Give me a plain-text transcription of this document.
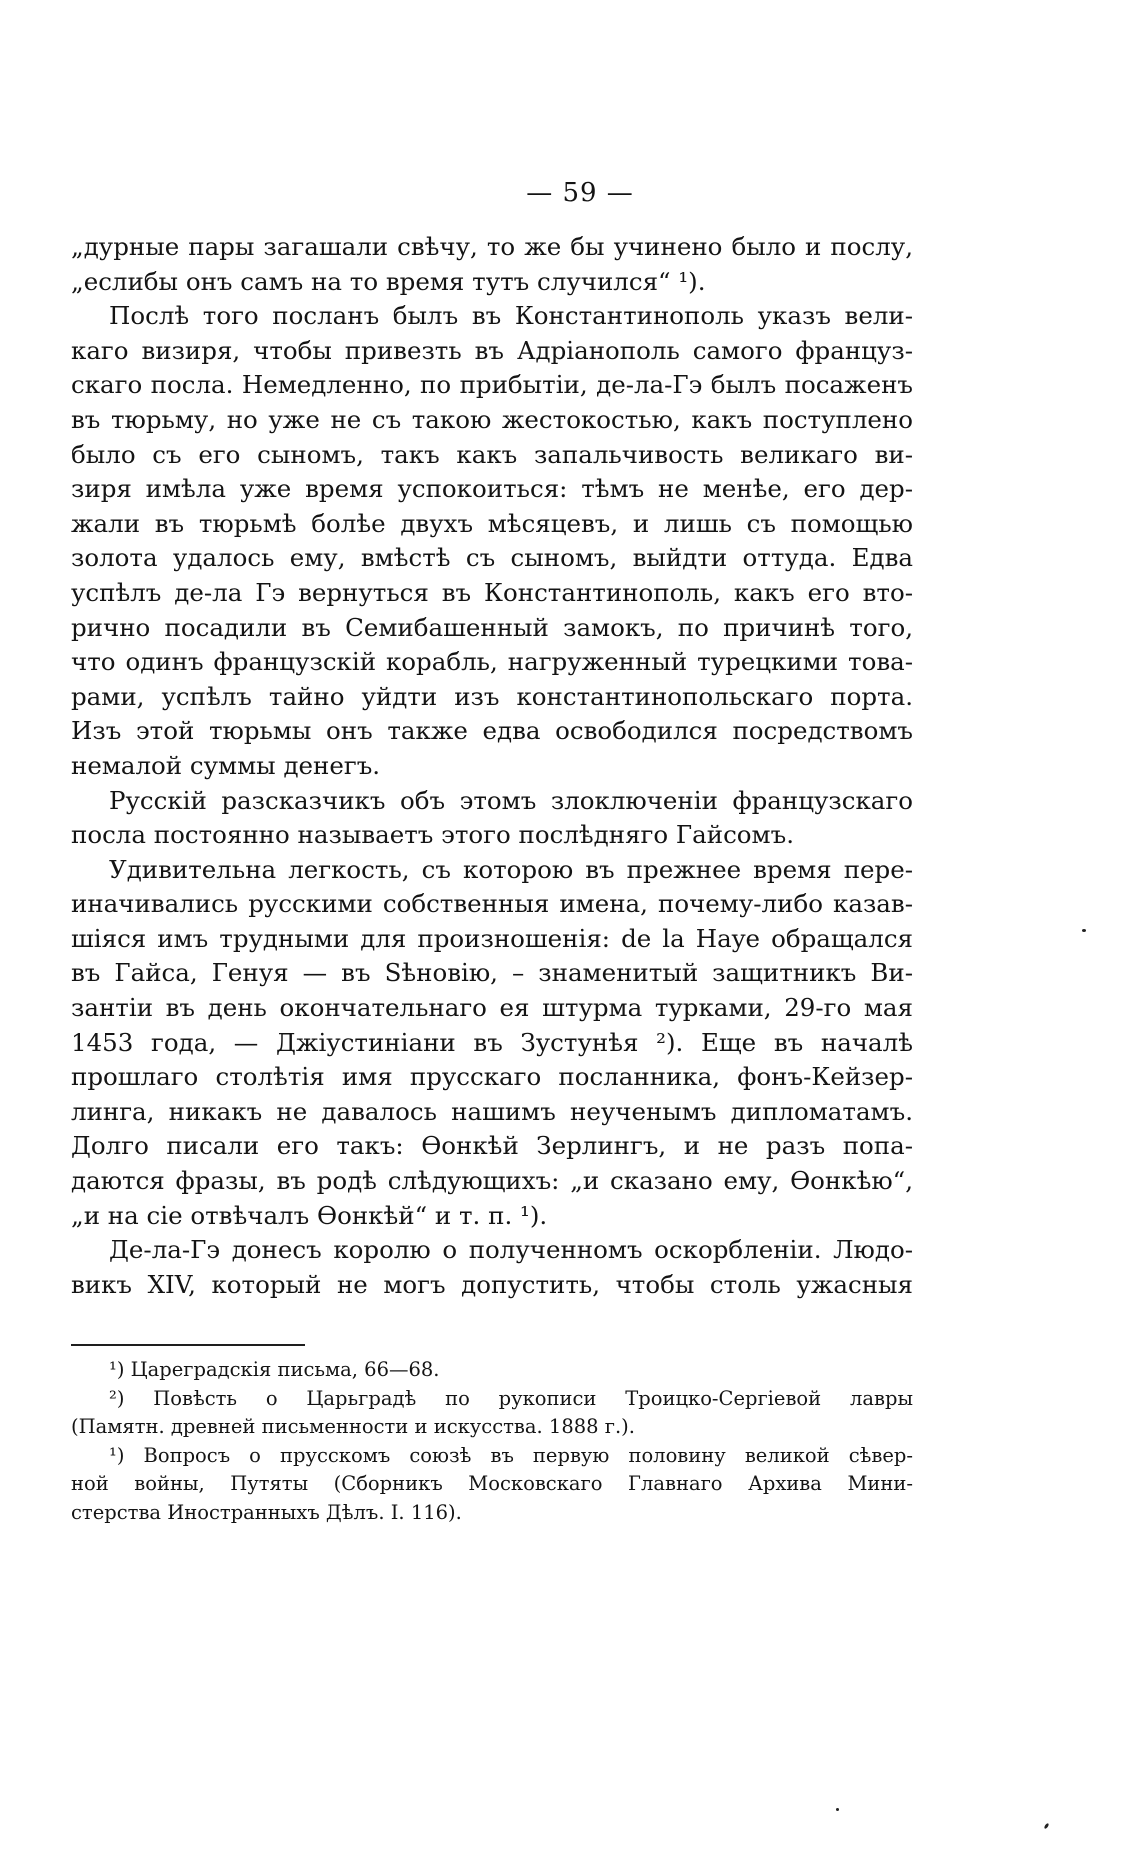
— 59 —
„дурные пары загашали свѣчу, то же бы учинено было и послу,
„еслибы онъ самъ на то время тутъ случился“ ¹).
Послѣ того посланъ былъ въ Константинополь указъ вели-
каго визиря, чтобы привезть въ Адріанополь самого француз-
скаго посла. Немедленно, по прибытіи, де-ла-Гэ былъ посаженъ
въ тюрьму, но уже не съ такою жестокостью, какъ поступлено
было съ его сыномъ, такъ какъ запальчивость великаго ви-
зиря имѣла уже время успокоиться: тѣмъ не менѣе, его дер-
жали въ тюрьмѣ болѣе двухъ мѣсяцевъ, и лишь съ помощью
золота удалось ему, вмѣстѣ съ сыномъ, выйдти оттуда. Едва
успѣлъ де-ла Гэ вернуться въ Константинополь, какъ его вто-
рично посадили въ Семибашенный замокъ, по причинѣ того,
что одинъ французскій корабль, нагруженный турецкими това-
рами, успѣлъ тайно уйдти изъ константинопольскаго порта.
Изъ этой тюрьмы онъ также едва освободился посредствомъ
немалой суммы денегъ.
Русскій разсказчикъ объ этомъ злоключеніи французскаго
посла постоянно называетъ этого послѣдняго Гайсомъ.
Удивительна легкость, съ которою въ прежнее время пере-
иначивались русскими собственныя имена, почему-либо казав-
шіяся имъ трудными для произношенія: de la Haye обращался
въ Гайса, Генуя — въ Ѕѣновію, – знаменитый защитникъ Ви-
зантіи въ день окончательнаго ея штурма турками, 29-го мая
1453 года, — Джіустиніани въ Зустунѣя ²). Еще въ началѣ
прошлаго столѣтія имя прусскаго посланника, фонъ-Кейзер-
линга, никакъ не давалось нашимъ неученымъ дипломатамъ.
Долго писали его такъ: Ѳонкѣй Зерлингъ, и не разъ попа-
даются фразы, въ родѣ слѣдующихъ: „и сказано ему, Ѳонкѣю“,
„и на сіе отвѣчалъ Ѳонкѣй“ и т. п. ¹).
Де-ла-Гэ донесъ королю о полученномъ оскорбленіи. Людо-
викъ XIV, который не могъ допустить, чтобы столь ужасныя
¹) Цареградскія письма, 66—68.
²) Повѣсть о Царьградѣ по рукописи Троицко-Сергіевой лавры
(Памятн. древней письменности и искусства. 1888 г.).
¹) Вопросъ о прусскомъ союзѣ въ первую половину великой сѣвер-
ной войны, Путяты (Сборникъ Московскаго Главнаго Архива Мини-
стерства Иностранныхъ Дѣлъ. I. 116).
